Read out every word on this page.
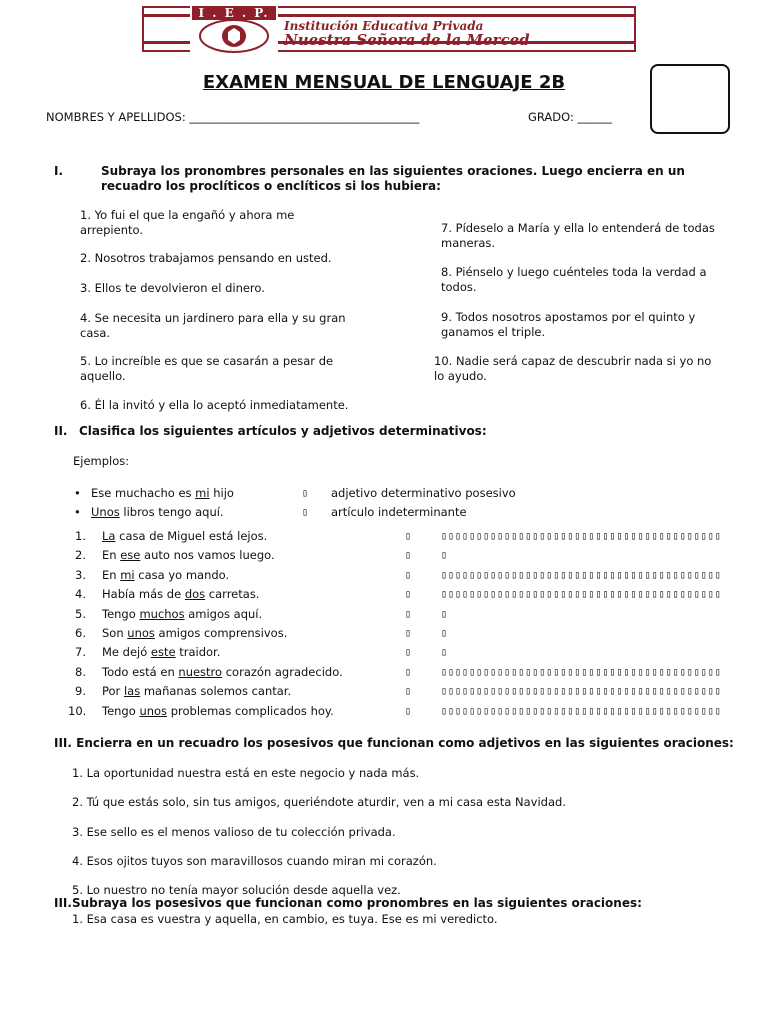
I . E . P.
· · ·
Institución Educativa Privada
Nuestra Señora de la Merced
EXAMEN MENSUAL DE LENGUAJE 2B
NOMBRES Y APELLIDOS: ________________________________________	GRADO: ______
I.	Subraya los pronombres personales en las siguientes oraciones. Luego encierra en un
recuadro los proclíticos o enclíticos si los hubiera:
1. Yo fui el que la engañó y ahora me
arrepiento.
2. Nosotros trabajamos pensando en usted.
3. Ellos te devolvieron el dinero.
4. Se necesita un jardinero para ella y su gran
casa.
5. Lo increíble es que se casarán a pesar de
aquello.
6. Él la invitó y ella lo aceptó inmediatamente.
7. Pídeselo a María y ella lo entenderá de todas
maneras.
8. Piénselo y luego cuénteles toda la verdad a
todos.
9. Todos nosotros apostamos por el quinto y
ganamos el triple.
10. Nadie será capaz de descubrir nada si yo no
lo ayudo.
II. Clasifica los siguientes artículos y adjetivos determinativos:
Ejemplos:
• Ese muchacho es mi hijo	▯ adjetivo determinativo posesivo
• Unos libros tengo aquí.	▯ artículo indeterminante
1. La casa de Miguel está lejos.	▯	▯▯▯▯▯▯▯▯▯▯▯▯▯▯▯▯▯▯▯▯▯▯▯▯▯▯▯▯▯▯▯▯▯▯▯▯▯▯▯▯
2. En ese auto nos vamos luego.	▯	▯
3. En mi casa yo mando.	▯	▯▯▯▯▯▯▯▯▯▯▯▯▯▯▯▯▯▯▯▯▯▯▯▯▯▯▯▯▯▯▯▯▯▯▯▯▯▯▯▯
4. Había más de dos carretas.	▯	▯▯▯▯▯▯▯▯▯▯▯▯▯▯▯▯▯▯▯▯▯▯▯▯▯▯▯▯▯▯▯▯▯▯▯▯▯▯▯▯
5. Tengo muchos amigos aquí.	▯	▯
6. Son unos amigos comprensivos.	▯	▯
7. Me dejó este traidor.	▯	▯
8. Todo está en nuestro corazón agradecido.	▯	▯▯▯▯▯▯▯▯▯▯▯▯▯▯▯▯▯▯▯▯▯▯▯▯▯▯▯▯▯▯▯▯▯▯▯▯▯▯▯▯
9. Por las mañanas solemos cantar.	▯	▯▯▯▯▯▯▯▯▯▯▯▯▯▯▯▯▯▯▯▯▯▯▯▯▯▯▯▯▯▯▯▯▯▯▯▯▯▯▯▯
10. Tengo unos problemas complicados hoy.	▯	▯▯▯▯▯▯▯▯▯▯▯▯▯▯▯▯▯▯▯▯▯▯▯▯▯▯▯▯▯▯▯▯▯▯▯▯▯▯▯▯
III. Encierra en un recuadro los posesivos que funcionan como adjetivos en las siguientes oraciones:
1. La oportunidad nuestra está en este negocio y nada más.
2. Tú que estás solo, sin tus amigos, queriéndote aturdir, ven a mi casa esta Navidad.
3. Ese sello es el menos valioso de tu colección privada.
4. Esos ojitos tuyos son maravillosos cuando miran mi corazón.
5. Lo nuestro no tenía mayor solución desde aquella vez.
III.Subraya los posesivos que funcionan como pronombres en las siguientes oraciones:
1. Esa casa es vuestra y aquella, en cambio, es tuya. Ese es mi veredicto.
